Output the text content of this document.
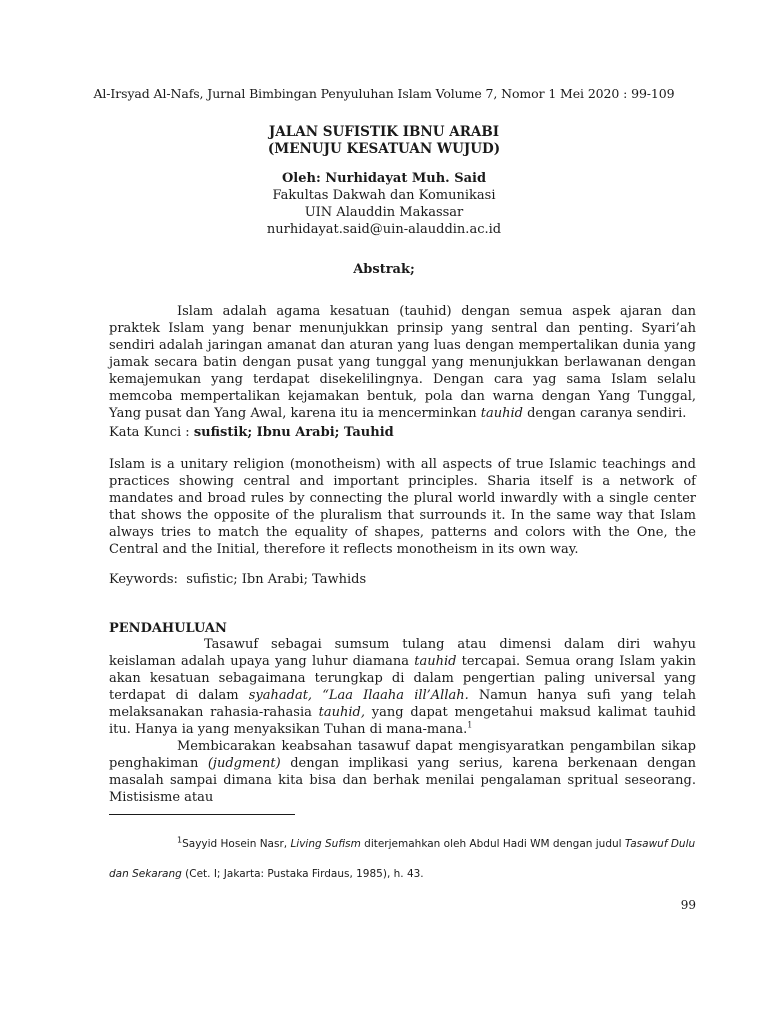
Al-Irsyad Al-Nafs, Jurnal Bimbingan Penyuluhan Islam Volume 7, Nomor 1 Mei 2020 : 99-109
JALAN SUFISTIK IBNU ARABI
(MENUJU KESATUAN WUJUD)
Oleh: Nurhidayat Muh. Said
Fakultas Dakwah dan Komunikasi
UIN Alauddin Makassar
nurhidayat.said@uin-alauddin.ac.id
Abstrak;
Islam adalah agama kesatuan (tauhid) dengan semua aspek ajaran dan praktek Islam yang benar menunjukkan prinsip yang sentral dan penting. Syari’ah sendiri adalah jaringan amanat dan aturan yang luas dengan mempertalikan dunia yang jamak secara batin dengan pusat yang tunggal yang menunjukkan berlawanan dengan kemajemukan yang terdapat disekelilingnya. Dengan cara yag sama Islam selalu memcoba mempertalikan kejamakan bentuk, pola dan warna dengan Yang Tunggal, Yang pusat dan Yang Awal, karena itu ia mencerminkan tauhid dengan caranya sendiri.
Kata Kunci : sufistik; Ibnu Arabi; Tauhid
Islam is a unitary religion (monotheism) with all aspects of true Islamic teachings and practices showing central and important principles. Sharia itself is a network of mandates and broad rules by connecting the plural world inwardly with a single center that shows the opposite of the pluralism that surrounds it. In the same way that Islam always tries to match the equality of shapes, patterns and colors with the One, the Central and the Initial, therefore it reflects monotheism in its own way.
Keywords: sufistic; Ibn Arabi; Tawhids
PENDAHULUAN
Tasawuf sebagai sumsum tulang atau dimensi dalam diri wahyu keislaman adalah upaya yang luhur diamana tauhid tercapai. Semua orang Islam yakin akan kesatuan sebagaimana terungkap di dalam pengertian paling universal yang terdapat di dalam syahadat, “Laa Ilaaha ill’Allah. Namun hanya sufi yang telah melaksanakan rahasia-rahasia tauhid, yang dapat mengetahui maksud kalimat tauhid itu. Hanya ia yang menyaksikan Tuhan di mana-mana.$^1$
Membicarakan keabsahan tasawuf dapat mengisyaratkan pengambilan sikap penghakiman (judgment) dengan implikasi yang serius, karena berkenaan dengan masalah sampai dimana kita bisa dan berhak menilai pengalaman spritual seseorang. Mistisisme atau
$^1$Sayyid Hosein Nasr, Living Sufism diterjemahkan oleh Abdul Hadi WM dengan judul Tasawuf Dulu
dan Sekarang (Cet. I; Jakarta: Pustaka Firdaus, 1985), h. 43.
99
